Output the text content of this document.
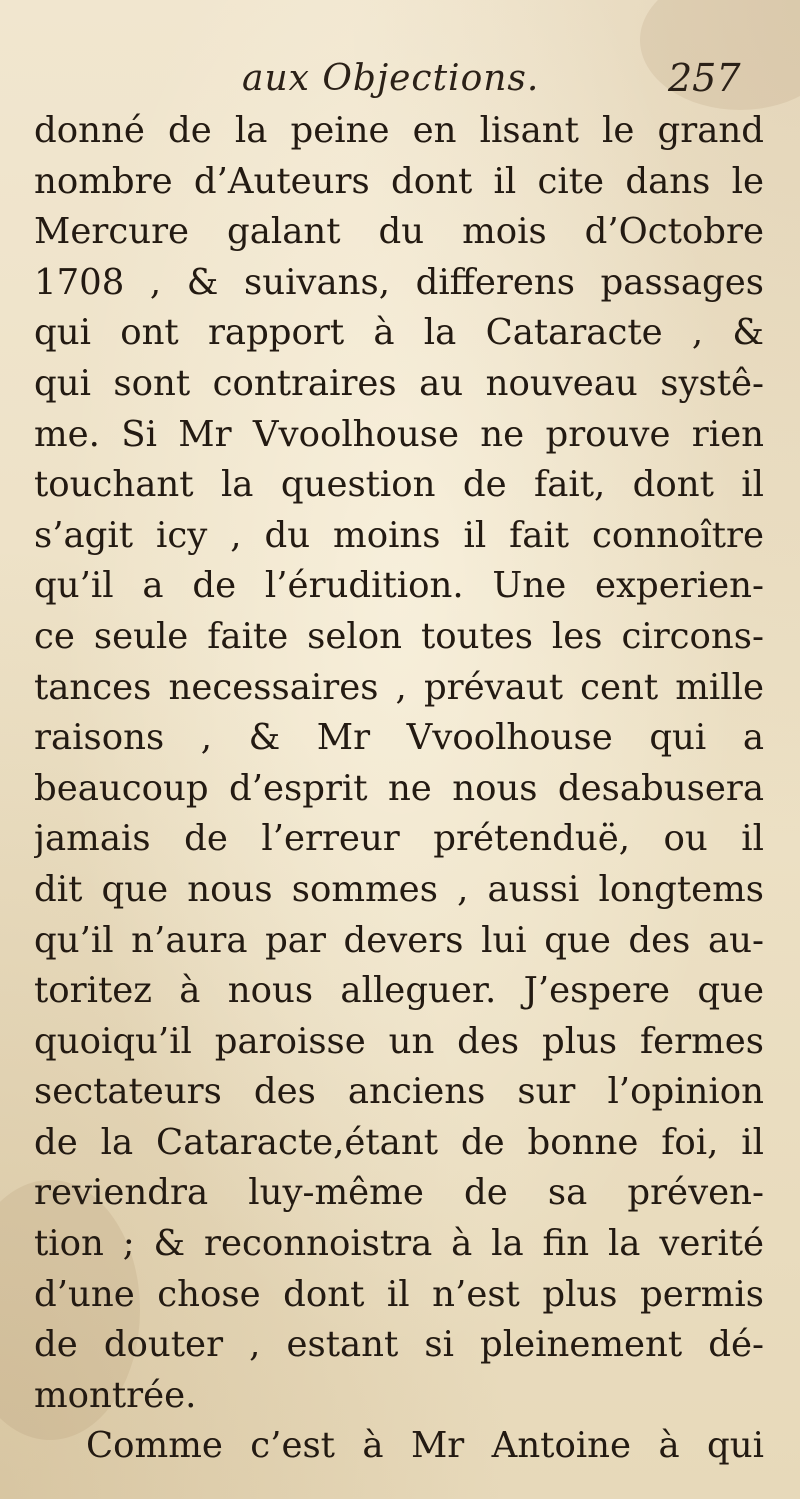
aux Objections.	257
donné de la peine en lisant le grand
nombre d’Auteurs dont il cite dans le
Mercure galant du mois d’Octobre
1708 , & suivans, differens passages
qui ont rapport à la Cataracte , &
qui sont contraires au nouveau systê-
me. Si Mr Vvoolhouse ne prouve rien
touchant la question de fait, dont il
s’agit icy , du moins il fait connoître
qu’il a de l’érudition. Une experien-
ce seule faite selon toutes les circons-
tances necessaires , prévaut cent mille
raisons , & Mr Vvoolhouse qui a
beaucoup d’esprit ne nous desabusera
jamais de l’erreur prétenduë, ou il
dit que nous sommes , aussi longtems
qu’il n’aura par devers lui que des au-
toritez à nous alleguer. J’espere que
quoiqu’il paroisse un des plus fermes
sectateurs des anciens sur l’opinion
de la Cataracte,étant de bonne foi, il
reviendra luy-même de sa préven-
tion ; & reconnoistra à la fin la verité
d’une chose dont il n’est plus permis
de douter , estant si pleinement dé-
montrée.
Comme c’est à Mr Antoine à qui
